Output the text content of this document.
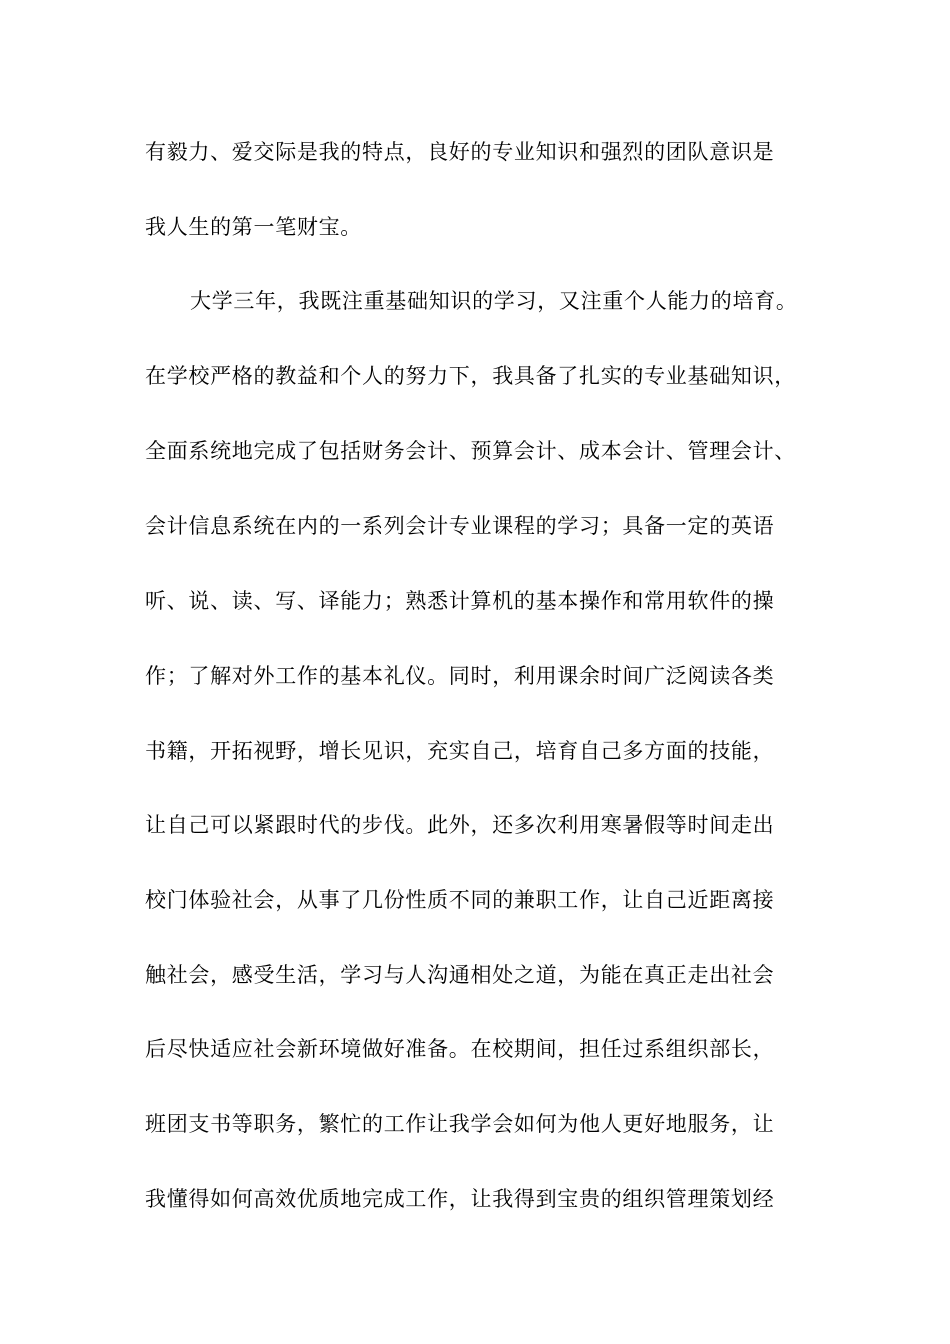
有毅力、爱交际是我的特点，良好的专业知识和强烈的团队意识是
我人生的第一笔财宝。
大学三年，我既注重基础知识的学习，又注重个人能力的培育。
在学校严格的教益和个人的努力下，我具备了扎实的专业基础知识，
全面系统地完成了包括财务会计、预算会计、成本会计、管理会计、
会计信息系统在内的一系列会计专业课程的学习；具备一定的英语
听、说、读、写、译能力；熟悉计算机的基本操作和常用软件的操
作；了解对外工作的基本礼仪。同时，利用课余时间广泛阅读各类
书籍，开拓视野，增长见识，充实自己，培育自己多方面的技能，
让自己可以紧跟时代的步伐。此外，还多次利用寒暑假等时间走出
校门体验社会，从事了几份性质不同的兼职工作，让自己近距离接
触社会，感受生活，学习与人沟通相处之道，为能在真正走出社会
后尽快适应社会新环境做好准备。在校期间，担任过系组织部长，
班团支书等职务，繁忙的工作让我学会如何为他人更好地服务，让
我懂得如何高效优质地完成工作，让我得到宝贵的组织管理策划经
